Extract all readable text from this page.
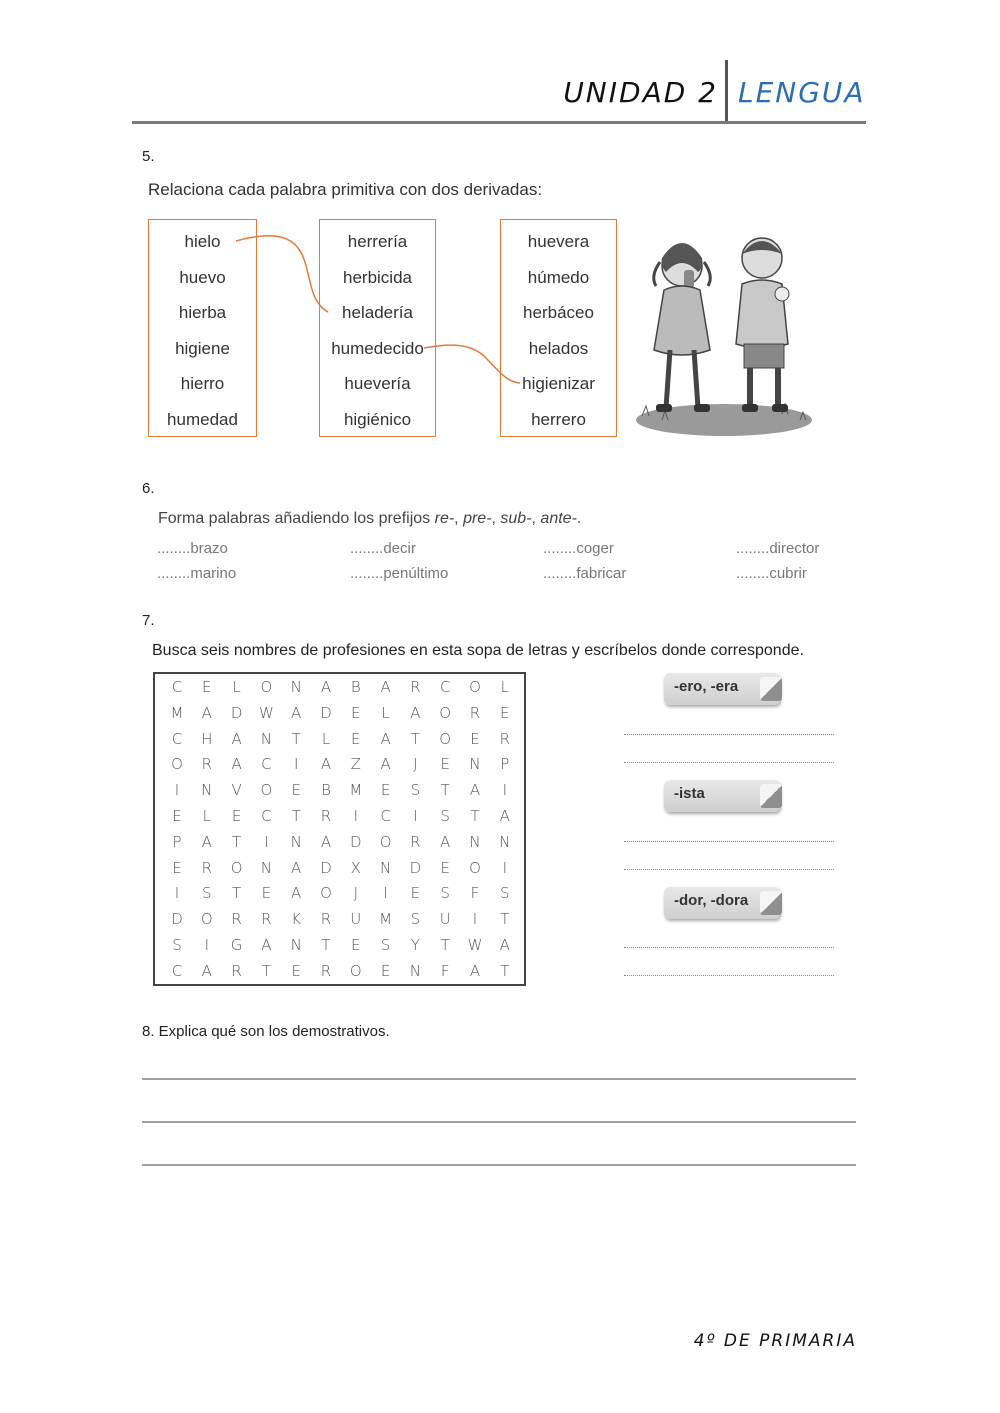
UNIDAD 2 LENGUA
5.
Relaciona cada palabra primitiva con dos derivadas:
hielo
huevo
hierba
higiene
hierro
humedad
herrería
herbicida
heladería
humedecido
huevería
higiénico
huevera
húmedo
herbáceo
helados
higienizar
herrero
6.
Forma palabras añadiendo los prefijos re-, pre-, sub-, ante-.
........brazo	........decir	........coger	........director
........marino	........penúltimo	........fabricar	........cubrir
7.
Busca seis nombres de profesiones en esta sopa de letras y escríbelos donde corresponde.
C	E	L	O	N	A	B	A	R	C	O	L
M	A	D	W	A	D	E	L	A	O	R	E
C	H	A	N	T	L	E	A	T	O	E	R
O	R	A	C	I	A	Z	A	J	E	N	P
I	N	V	O	E	B	M	E	S	T	A	I
E	L	E	C	T	R	I	C	I	S	T	A
P	A	T	I	N	A	D	O	R	A	N	N
E	R	O	N	A	D	X	N	D	E	O	I
I	S	T	E	A	O	J	I	E	S	F	S
D	O	R	R	K	R	U	M	S	U	I	T
S	I	G	A	N	T	E	S	Y	T	W	A
C	A	R	T	E	R	O	E	N	F	A	T
-ero, -era
-ista
-dor, -dora
8. Explica qué son los demostrativos.
4º DE PRIMARIA
